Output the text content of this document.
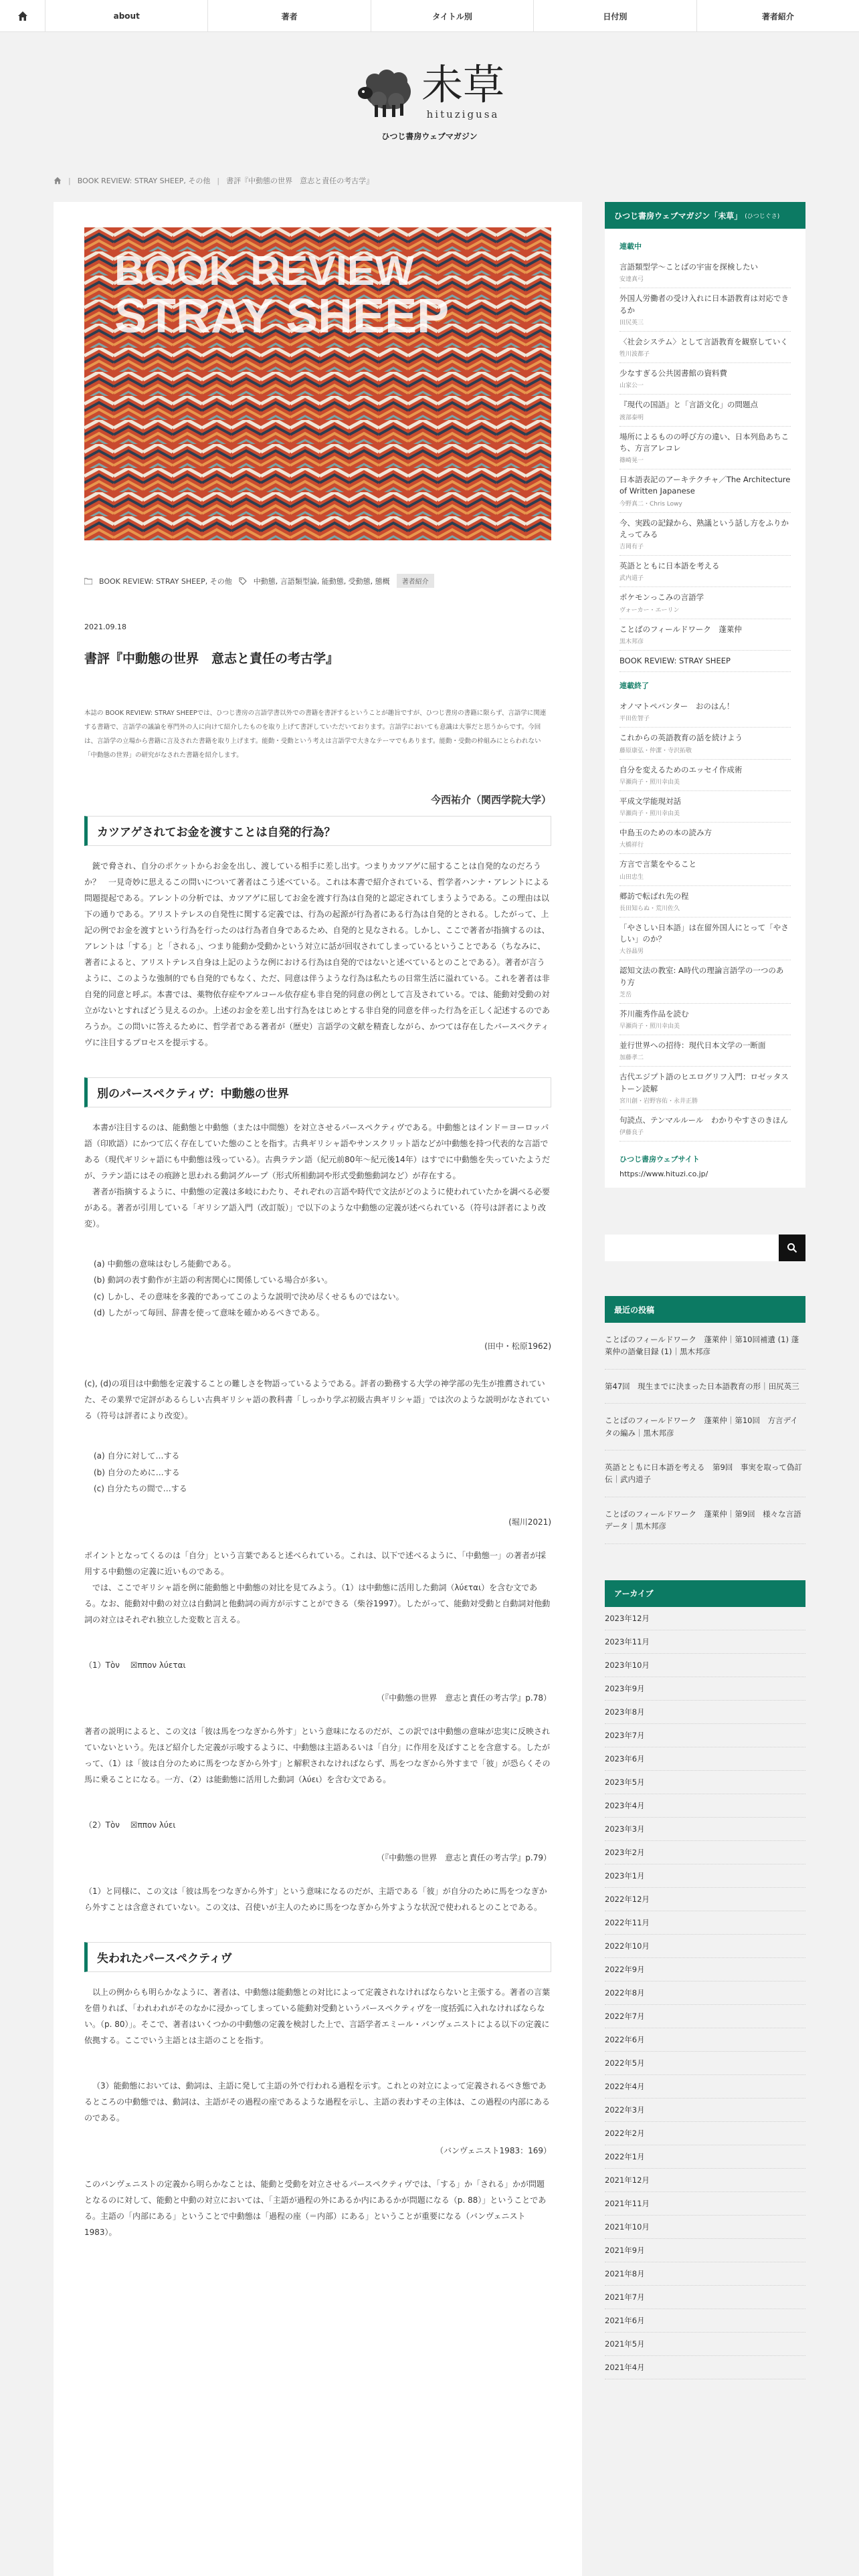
about	著者	タイトル別	日付別	著者紹介
未草
hituzigusa
ひつじ書房ウェブマガジン
| BOOK REVIEW: STRAY SHEEP, その他 | 書評『中動態の世界　意志と責任の考古学』
BOOK REVIEW
STRAY SHEEP
BOOK REVIEW: STRAY SHEEP, その他	中動態, 言語類型論, 能動態, 受動態, 態概	著者紹介
2021.09.18
書評『中動態の世界　意志と責任の考古学』

本誌の BOOK REVIEW: STRAY SHEEPでは、ひつじ書房の言語学書以外での書籍を書評するということが趣旨ですが、ひつじ書房の書籍に限らず、言語学に関連する書籍で、言語学の議論を専門外の人に向けて紹介したものを取り上げて書評していただいております。言語学においても意識は大事だと思うからです。今回は、言語学の立場から書籍に言及された書籍を取り上げます。能動・受動という考えは言語学で大きなテーマでもあります。能動・受動の枠組みにとらわれない「中動態の世界」の研究がなされた書籍を紹介します。

今西祐介（関西学院大学）
カツアゲされてお金を渡すことは自発的行為？

銃で脅され、自分のポケットからお金を出し、渡している相手に差し出す。つまりカツアゲに屈することは自発的なのだろうか？　一見奇妙に思えるこの問いについて著者はこう述べている。これは本書で紹介されている、哲学者ハンナ・アレントによる問題提起である。アレントの分析では、カツアゲに屈してお金を渡す行為は自発的と認定されてしまうようである。この理由は以下の通りである。アリストテレスの自発性に関する定義では、行為の起源が行為者にある行為は自発的とされる。したがって、上記の例でお金を渡すという行為を行ったのは行為者自身であるため、自発的と見なされる。しかし、ここで著者が指摘するのは、アレントは「する」と「される」、つまり能動か受動かという対立に話が回収されてしまっているということである（ちなみに、著者によると、アリストテレス自身は上記のような例における行為は自発的ではないと述べているとのことである）。著者が言うように、このような強制的でも自発的でもなく、ただ、同意は伴うような行為は私たちの日常生活に溢れている。これを著者は非自発的同意と呼ぶ。本書では、薬物依存症やアルコール依存症も非自発的同意の例として言及されている。では、能動対受動の対立がないとすればどう見えるのか。上述のお金を差し出す行為をはじめとする非自発的同意を伴った行為を正しく記述するのであろうか。この問いに答えるために、哲学者である著者が（歴史）言語学の文献を精査しながら、かつては存在したパースペクティヴに注目するプロセスを提示する。

別のパースペクティヴ：中動態の世界

本書が注目するのは、能動態と中動態（または中間態）を対立させるパースペクティヴである。中動態とはインド＝ヨーロッパ語（印欧語）にかつて広く存在していた態のことを指す。古典ギリシャ語やサンスクリット語などが中動態を持つ代表的な言語である（現代ギリシャ語にも中動態は残っている）。古典ラテン語（紀元前80年〜紀元後14年）はすでに中動態を失っていたようだが、ラテン語にはその痕跡と思われる動詞グループ（形式所相動詞や形式受動態動詞など）が存在する。

著者が指摘するように、中動態の定義は多岐にわたり、それぞれの言語や時代で文法がどのように使われていたかを調べる必要がある。著者が引用している「ギリシア語入門（改訂版）」で以下のような中動態の定義が述べられている（符号は評者により改変）。

(a) 中動態の意味はむしろ能動である。
(b) 動詞の表す動作が主語の利害関心に関係している場合が多い。
(c) しかし、その意味を多義的であってこのような説明で決め尽くせるものではない。
(d) したがって毎回、辞書を使って意味を確かめるべきである。
(田中・松原1962)

(c), (d)の項目は中動態を定義することの難しさを物語っているようである。評者の勤務する大学の神学部の先生が推薦されていた、その業界で定評があるらしい古典ギリシャ語の教科書「しっかり学ぶ初級古典ギリシャ語」では次のような説明がなされている（符号は評者により改変）。

(a) 自分に対して…する
(b) 自分のために…する
(c) 自分たちの間で…する
(堀川2021)

ポイントとなってくるのは「自分」という言葉であると述べられている。これは、以下で述べるように、「中動態一」の著者が採用する中動態の定義に近いものである。

では、ここでギリシャ語を例に能動態と中動態の対比を見てみよう。（1）は中動態に活用した動詞（λύεται）を含む文である。なお、能動対中動の対立は自動詞と他動詞の両方が示すことができる（柴谷1997）。したがって、能動対受動と自動詞対他動詞の対立はそれぞれ独立した変数と言える。

（1）Τὸν 　☒ππον λύεται

（『中動態の世界　意志と責任の考古学』p.78）

著者の説明によると、この文は「彼は馬をつなぎから外す」という意味になるのだが、この訳では中動態の意味が忠実に反映されていないという。先ほど紹介した定義が示唆するように、中動態は主語あるいは「自分」に作用を及ぼすことを含意する。したがって、（1）は「彼は自分のために馬をつなぎから外す」と解釈されなければならず、馬をつなぎから外すまで「彼」が恐らくその馬に乗ることになる。一方、（2）は能動態に活用した動詞（λύει）を含む文である。

（2）Τὸν 　☒ππον λύει

（『中動態の世界　意志と責任の考古学』p.79）

（1）と同様に、この文は「彼は馬をつなぎから外す」という意味になるのだが、主語である「彼」が自分のために馬をつなぎから外すことは含意されていない。この文は、召使いが主人のために馬をつなぎから外すような状況で使われるとのことである。

失われたパースペクティヴ

以上の例からも明らかなように、著者は、中動態は能動態との対比によって定義されなければならないと主張する。著者の言葉を借りれば、「われわれがそのなかに浸かってしまっている能動対受動というパースペクティヴを一度括弧に入れなければならない。（p. 80）」。そこで、著者はいくつかの中動態の定義を検討した上で、言語学者エミール・バンヴェニストによる以下の定義に依拠する。ここでいう主語とは主語のことを指す。

（3）能動態においては、動詞は、主語に発して主語の外で行われる過程を示す。これとの対立によって定義されるべき態であるところの中動態では、動詞は、主語がその過程の座であるような過程を示し、主語の表わすその主体は、この過程の内部にあるのである。

（バンヴェニスト1983：169）

このバンヴェニストの定義から明らかなことは、能動と受動を対立させるパースペクティヴでは、「する」か「される」かが問題となるのに対して、能動と中動の対立においては、「主語が過程の外にあるか内にあるかが問題になる（p. 88）」ということである。主語の「内部にある」ということで中動態は「過程の座（＝内部）にある」ということが重要になる（バンヴェニスト1983）。

ひつじ書房ウェブマガジン「未草」 (ひつじぐさ)
連載中
言語類型学〜ことばの宇宙を探検したい
安達真弓
外国人労働者の受け入れに日本語教育は対応できるか
田尻英三
〈社会システム〉として言語教育を観察していく
牲川波都子
少なすぎる公共図書館の資料費
山家公一
『現代の国語』と「言語文化」の問題点
渡部泰明
場所によるものの呼び方の違い、日本列島あちこち、方言アレコレ
篠崎晃一
日本語表記のアーキテクチャ／The Architecture of Written Japanese
今野真二・Chris Lowy
今、実践の記録から、熟議という話し方をふりかえってみる
吉岡有子
英語とともに日本語を考える
武内道子
ポケモンっこみの言語学
ヴォーカー・エーリン
ことばのフィールドワーク　蓬萊仲
黒木邦彦
BOOK REVIEW: STRAY SHEEP
連載終了
オノマトペバンター　おのはん！
平田佐智子
これからの英語教育の話を続けよう
藤原康弘・仲潔・寺沢拓敬
自分を変えるためのエッセイ作成術
早瀬尚子・照川幸由美
平成文学能現対話
早瀬尚子・照川幸由美
中島玉のための本の読み方
大橋祥行
方言で言葉をやること
山田忠生
郷訪で転ばれ先の程
長田知らぬ・荒川佐久
「やさしい日本語」は在留外国人にとって「やさしい」のか？
大谷晶男
認知文法の教室: A時代の理論言語学の一つのあり方
芝岳
芥川龍秀作品を読む
早瀬尚子・照川幸由美
並行世界への招待：現代日本文学の一断面
加藤孝二
古代エジプト語のヒエログリフ入門：ロゼッタストーン読解
宮川創・岩野容佑・永井正勝
句読点、テンマルルール　わかりやすさのきほん
伊藤良子
ひつじ書房ウェブサイト
https://www.hituzi.co.jp/
最近の投稿
ことばのフィールドワーク　蓬萊仲｜第10回補遺 (1) 蓬萊仲の語彙目録 (1)｜黒木邦彦
第47回　現生までに決まった日本語教育の形｜田尻英三
ことばのフィールドワーク　蓬萊仲｜第10回　方言デイタの編み｜黒木邦彦
英語とともに日本語を考える　第9回　事実を取って偽訂伝｜武内道子
ことばのフィールドワーク　蓬萊仲｜第9回　様々な言語データ｜黒木邦彦
アーカイブ
2023年12月
2023年11月
2023年10月
2023年9月
2023年8月
2023年7月
2023年6月
2023年5月
2023年4月
2023年3月
2023年2月
2023年1月
2022年12月
2022年11月
2022年10月
2022年9月
2022年8月
2022年7月
2022年6月
2022年5月
2022年4月
2022年3月
2022年2月
2022年1月
2021年12月
2021年11月
2021年10月
2021年9月
2021年8月
2021年7月
2021年6月
2021年5月
2021年4月
